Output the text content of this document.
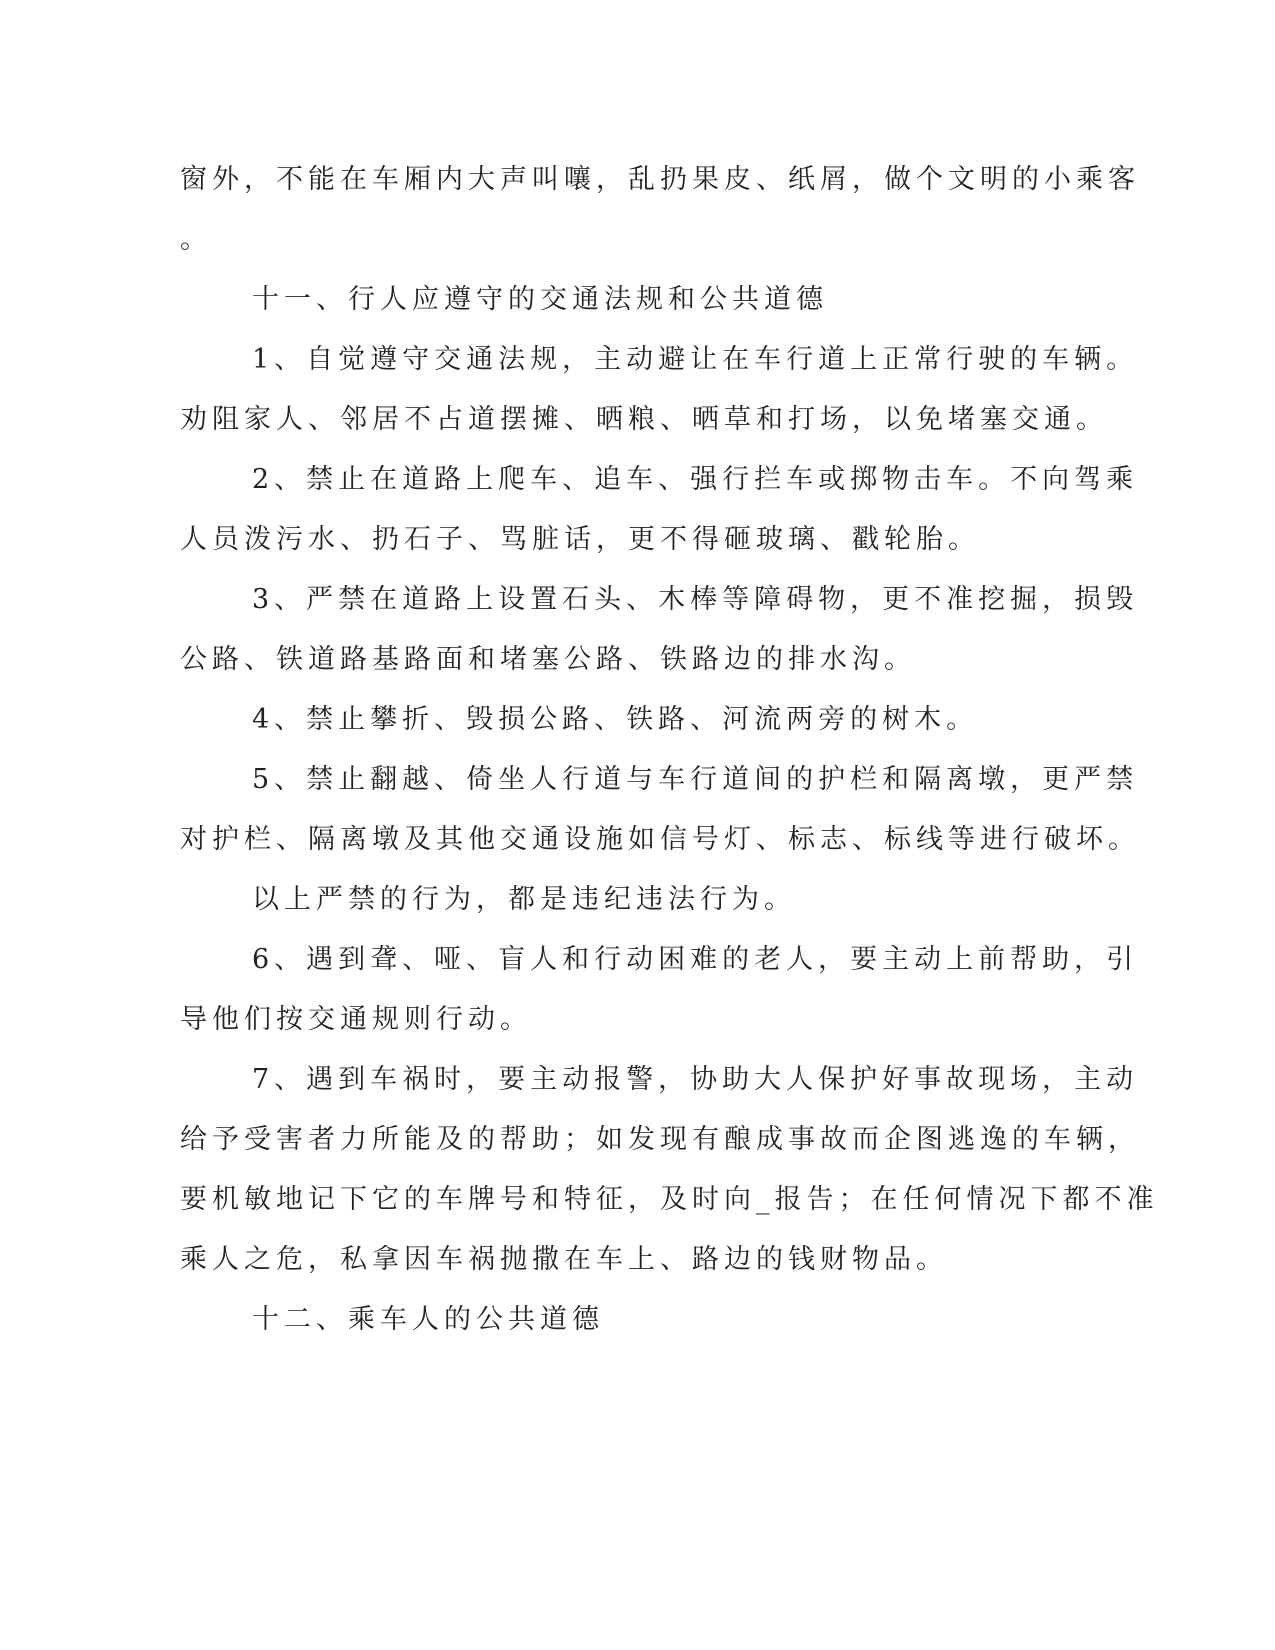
窗外，不能在车厢内大声叫嚷，乱扔果皮、纸屑，做个文明的小乘客

。

十一、行人应遵守的交通法规和公共道德

1、自觉遵守交通法规，主动避让在车行道上正常行驶的车辆。

劝阻家人、邻居不占道摆摊、晒粮、晒草和打场，以免堵塞交通。

2、禁止在道路上爬车、追车、强行拦车或掷物击车。不向驾乘

人员泼污水、扔石子、骂脏话，更不得砸玻璃、戳轮胎。

3、严禁在道路上设置石头、木棒等障碍物，更不准挖掘，损毁

公路、铁道路基路面和堵塞公路、铁路边的排水沟。

4、禁止攀折、毁损公路、铁路、河流两旁的树木。

5、禁止翻越、倚坐人行道与车行道间的护栏和隔离墩，更严禁

对护栏、隔离墩及其他交通设施如信号灯、标志、标线等进行破坏。

以上严禁的行为，都是违纪违法行为。

6、遇到聋、哑、盲人和行动困难的老人，要主动上前帮助，引

导他们按交通规则行动。

7、遇到车祸时，要主动报警，协助大人保护好事故现场，主动

给予受害者力所能及的帮助；如发现有酿成事故而企图逃逸的车辆，

要机敏地记下它的车牌号和特征，及时向_报告；在任何情况下都不准

乘人之危，私拿因车祸抛撒在车上、路边的钱财物品。

十二、乘车人的公共道德
